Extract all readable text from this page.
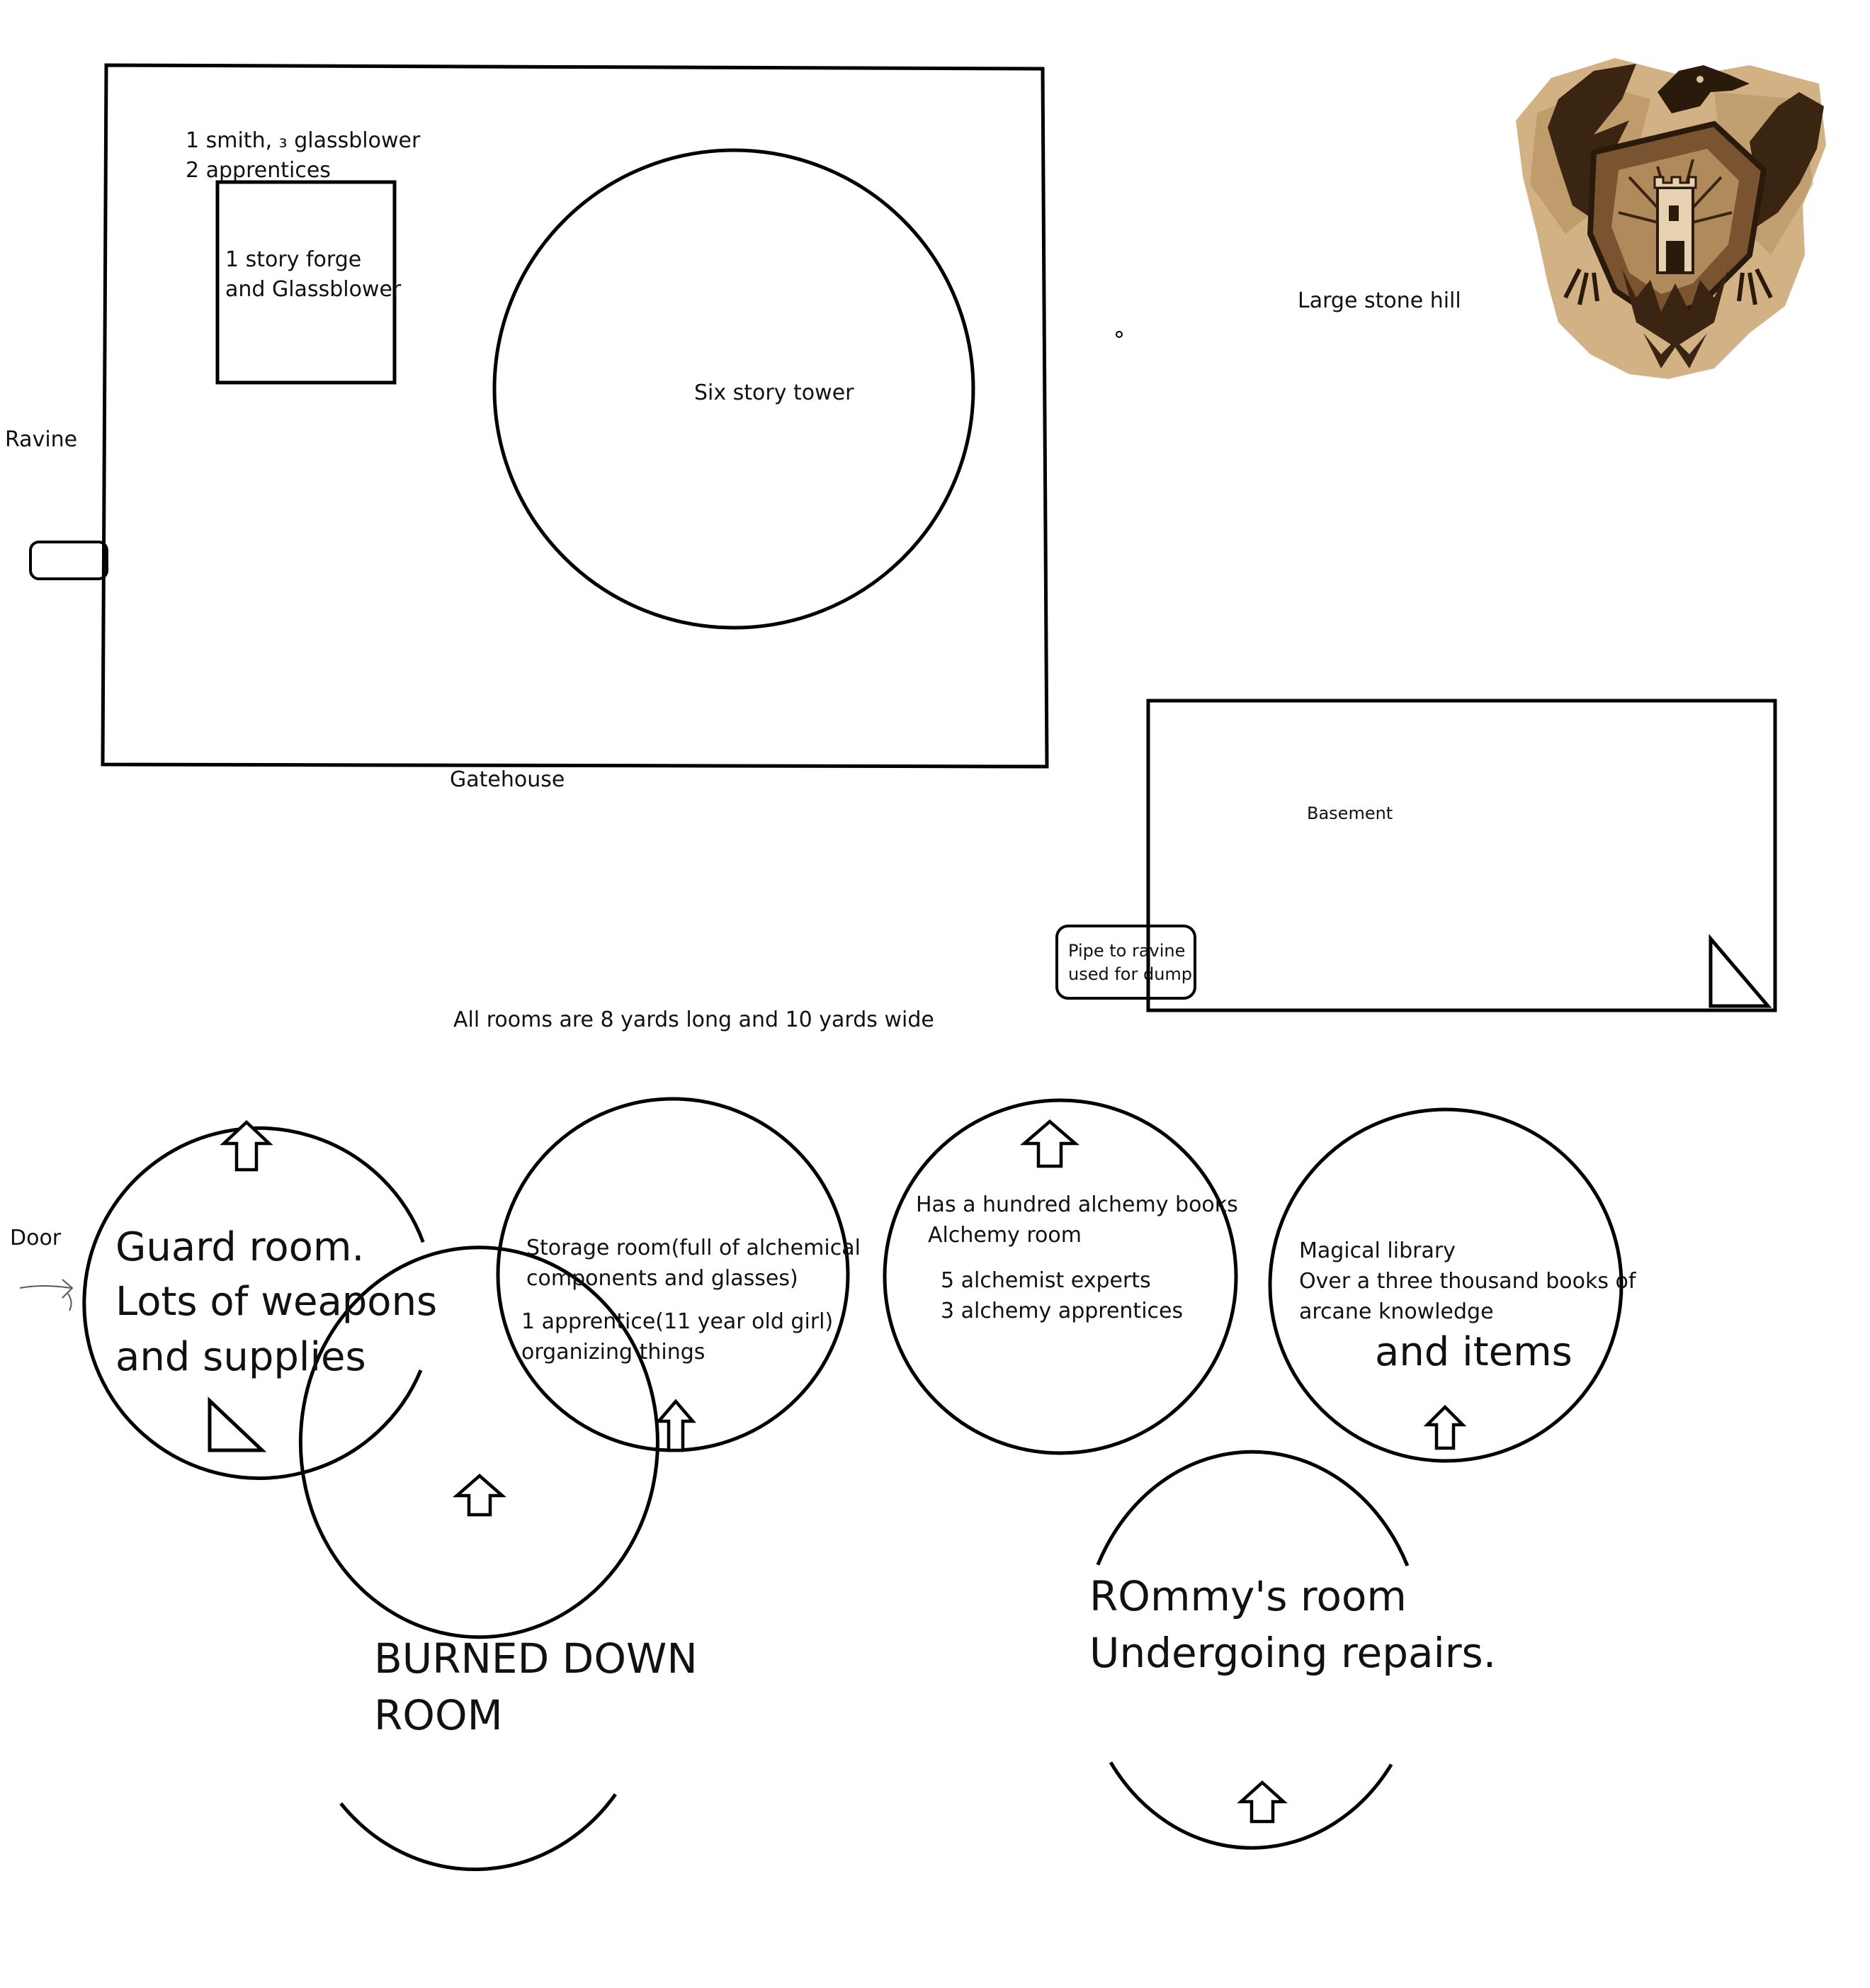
Ravine

Gatehouse

1 smith, ₃ glassblower
2 apprentices
1 story forge
and Glassblower

Six story tower

Large stone hill

Basement

Pipe to ravine
used for dump

All rooms are 8 yards long and 10 yards wide

Door Guard room.
Lots of weapons
and supplies
Storage room(full of alchemical
components and glasses)
1 apprentice(11 year old girl)
organizing things
Has a hundred alchemy books
Alchemy room
5 alchemist experts
3 alchemy apprentices
Magical library
Over a three thousand books of
arcane knowledge

and items

BURNED DOWN
ROOM
ROmmy's room
Undergoing repairs.
